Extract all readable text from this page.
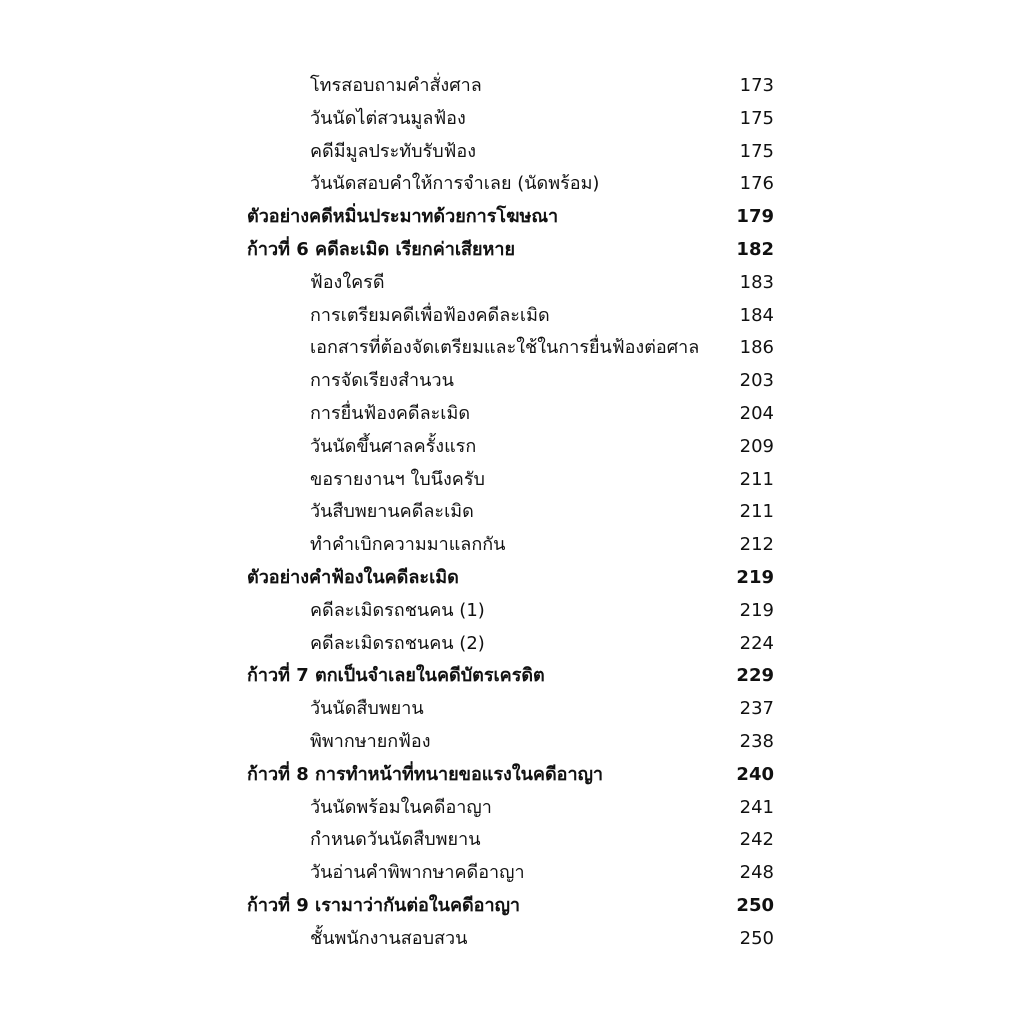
โทรสอบถามคำสั่งศาล	173
วันนัดไต่สวนมูลฟ้อง	175
คดีมีมูลประทับรับฟ้อง	175
วันนัดสอบคำให้การจำเลย (นัดพร้อม)	176
ตัวอย่างคดีหมิ่นประมาทด้วยการโฆษณา	179
ก้าวที่ 6 คดีละเมิด เรียกค่าเสียหาย	182
ฟ้องใครดี	183
การเตรียมคดีเพื่อฟ้องคดีละเมิด	184
เอกสารที่ต้องจัดเตรียมและใช้ในการยื่นฟ้องต่อศาล 186
การจัดเรียงสำนวน	203
การยื่นฟ้องคดีละเมิด	204
วันนัดขึ้นศาลครั้งแรก	209
ขอรายงานฯ ใบนึงครับ	211
วันสืบพยานคดีละเมิด	211
ทำคำเบิกความมาแลกกัน	212
ตัวอย่างคำฟ้องในคดีละเมิด	219
คดีละเมิดรถชนคน (1)	219
คดีละเมิดรถชนคน (2)	224
ก้าวที่ 7 ตกเป็นจำเลยในคดีบัตรเครดิต	229
วันนัดสืบพยาน	237
พิพากษายกฟ้อง	238
ก้าวที่ 8 การทำหน้าที่ทนายขอแรงในคดีอาญา	240
วันนัดพร้อมในคดีอาญา	241
กำหนดวันนัดสืบพยาน	242
วันอ่านคำพิพากษาคดีอาญา	248
ก้าวที่ 9 เรามาว่ากันต่อในคดีอาญา	250
ชั้นพนักงานสอบสวน	250
